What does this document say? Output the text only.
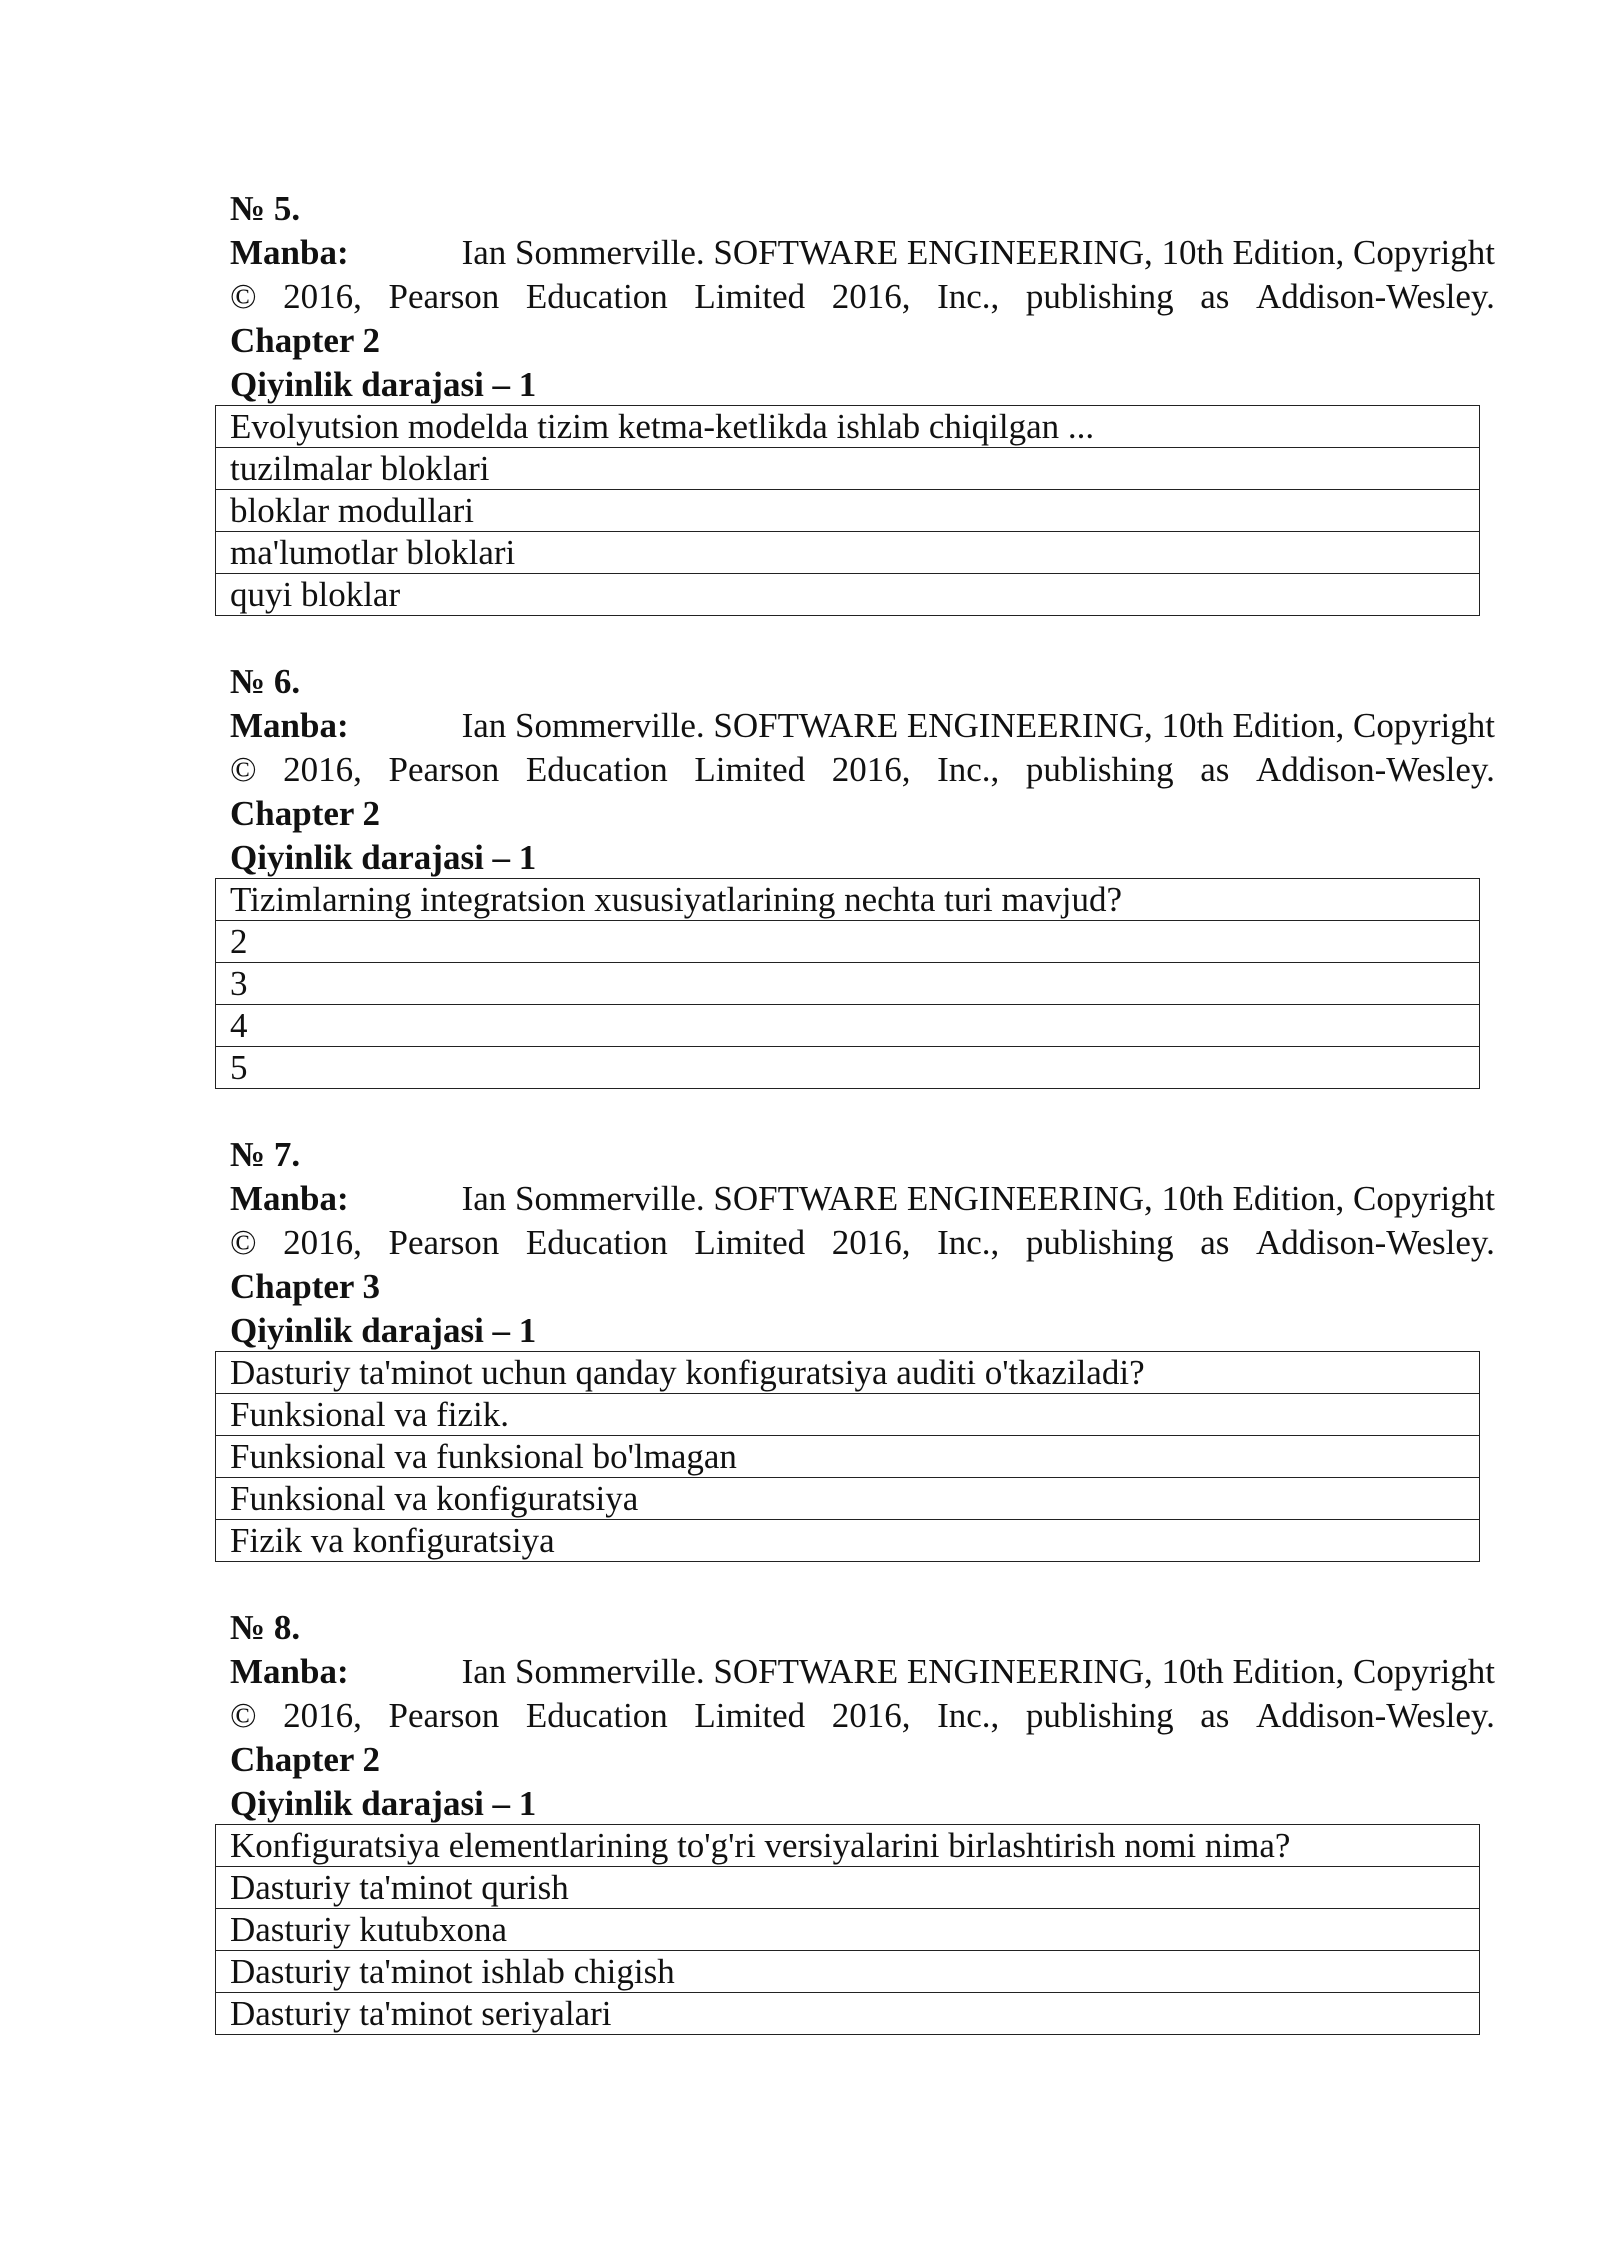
№ 5.
Manba:	Ian Sommerville. SOFTWARE ENGINEERING, 10th Edition, Copyright
© 2016, Pearson Education Limited 2016, Inc., publishing as Addison-Wesley.
Chapter 2
Qiyinlik darajasi – 1
Evolyutsion modelda tizim ketma-ketlikda ishlab chiqilgan ...
tuzilmalar bloklari
bloklar modullari
ma'lumotlar bloklari
quyi bloklar
№ 6.
Manba:	Ian Sommerville. SOFTWARE ENGINEERING, 10th Edition, Copyright
© 2016, Pearson Education Limited 2016, Inc., publishing as Addison-Wesley.
Chapter 2
Qiyinlik darajasi – 1
Tizimlarning integratsion xususiyatlarining nechta turi mavjud?
2
3
4
5
№ 7.
Manba:	Ian Sommerville. SOFTWARE ENGINEERING, 10th Edition, Copyright
© 2016, Pearson Education Limited 2016, Inc., publishing as Addison-Wesley.
Chapter 3
Qiyinlik darajasi – 1
Dasturiy ta'minot uchun qanday konfiguratsiya auditi o'tkaziladi?
Funksional va fizik.
Funksional va funksional bo'lmagan
Funksional va konfiguratsiya
Fizik va konfiguratsiya
№ 8.
Manba:	Ian Sommerville. SOFTWARE ENGINEERING, 10th Edition, Copyright
© 2016, Pearson Education Limited 2016, Inc., publishing as Addison-Wesley.
Chapter 2
Qiyinlik darajasi – 1
Konfiguratsiya elementlarining to'g'ri versiyalarini birlashtirish nomi nima?
Dasturiy ta'minot qurish
Dasturiy kutubxona
Dasturiy ta'minot ishlab chigish
Dasturiy ta'minot seriyalari
